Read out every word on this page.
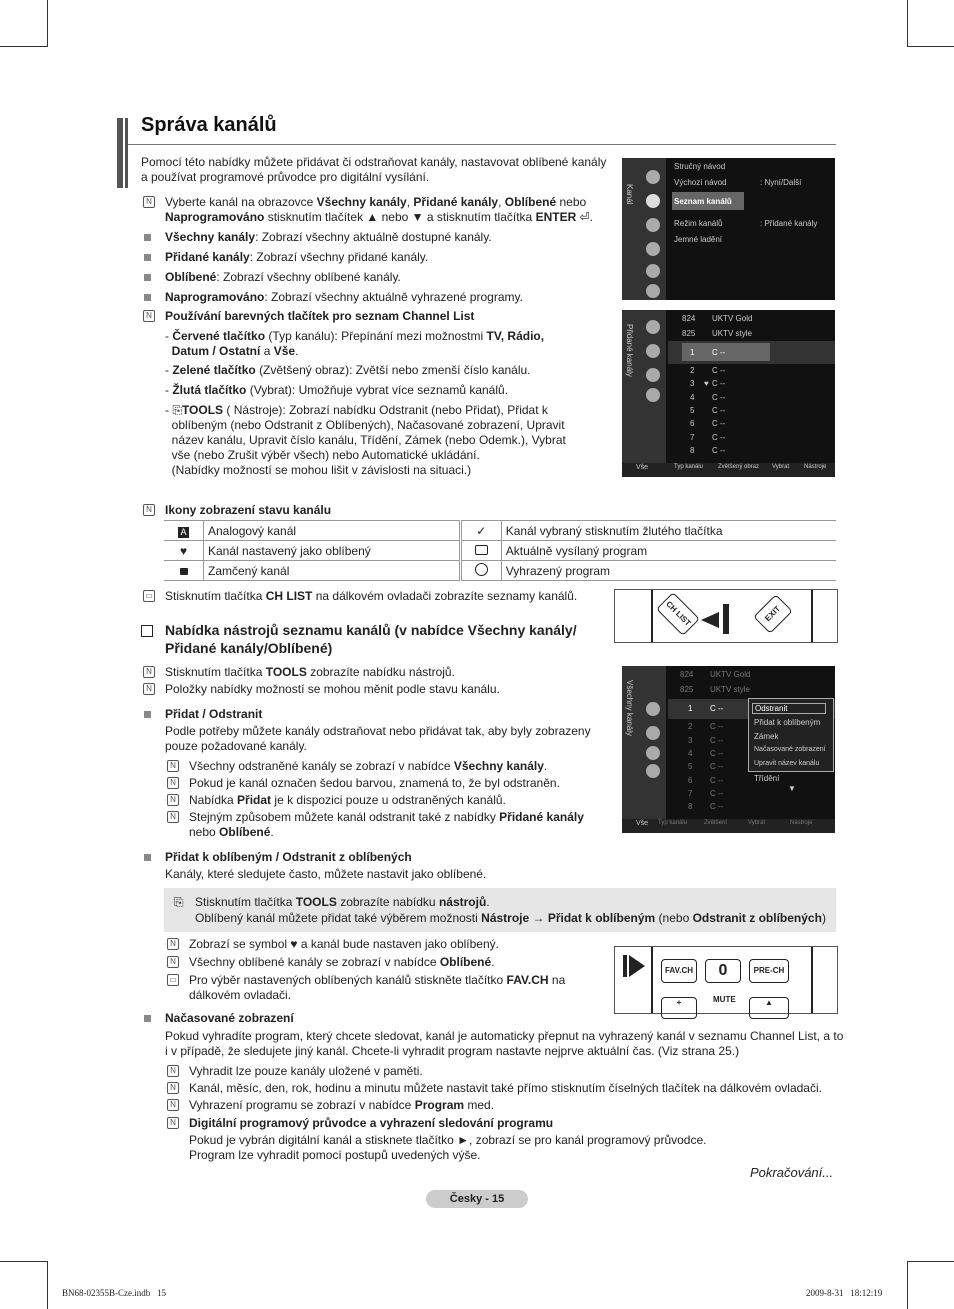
Správa kanálů
Pomocí této nabídky můžete přidávat či odstraňovat kanály, nastavovat oblíbené kanály a používat programové průvodce pro digitální vysílání.
N Vyberte kanál na obrazovce Všechny kanály, Přidané kanály, Oblíbené nebo Naprogramováno stisknutím tlačítek ▲ nebo ▼ a stisknutím tlačítka ENTER ⏎.
Všechny kanály: Zobrazí všechny aktuálně dostupné kanály.
Přidané kanály: Zobrazí všechny přidané kanály.
Oblíbené: Zobrazí všechny oblíbené kanály.
Naprogramováno: Zobrazí všechny aktuálně vyhrazené programy.
N Používání barevných tlačítek pro seznam Channel List
- Červené tlačítko (Typ kanálu): Přepínání mezi možnostmi TV, Rádio,
Datum / Ostatní a Vše.
- Zelené tlačítko (Zvětšený obraz): Zvětší nebo zmenší číslo kanálu.
- Žlutá tlačítko (Vybrat): Umožňuje vybrat více seznamů kanálů.
- ⎘TOOLS ( Nástroje): Zobrazí nabídku Odstranit (nebo Přidat), Přidat k
oblíbeným (nebo Odstranit z Oblíbených), Načasované zobrazení, Upravit
název kanálu, Upravit číslo kanálu, Třídění, Zámek (nebo Odemk.), Vybrat
vše (nebo Zrušit výběr všech) nebo Automatické ukládání.
(Nabídky možností se mohou lišit v závislosti na situaci.)
Kanál
Stručný návod
Výchozí návod	: Nyní/Další
Seznam kanálů
Režim kanálů	: Přidané kanály
Jemné ladění
Přidané kanály
824 UKTV Gold
825 UKTV style
1 C --
2 C --
3 ♥ C --
4 C --
5 C --
6 C --
7 C --
8 C --
Vše	Typ kanálu Zvětšený obraz Vybrat Nástroje
N Ikony zobrazení stavu kanálu
A	Analogový kanál	✓	Kanál vybraný stisknutím žlutého tlačítka
♥	Kanál nastavený jako oblíbený		Aktuálně vysílaný program
	Zamčený kanál		Vyhrazený program
▭ Stisknutím tlačítka CH LIST na dálkovém ovladači zobrazíte seznamy kanálů.
CH LIST	EXIT
Nabídka nástrojů seznamu kanálů (v nabídce Všechny kanály/
Přidané kanály/Oblíbené)
N Stisknutím tlačítka TOOLS zobrazíte nabídku nástrojů.
N Položky nabídky možností se mohou měnit podle stavu kanálu.
Přidat / Odstranit
Podle potřeby můžete kanály odstraňovat nebo přidávat tak, aby byly zobrazeny
pouze požadované kanály.
N Všechny odstraněné kanály se zobrazí v nabídce Všechny kanály.
N Pokud je kanál označen šedou barvou, znamená to, že byl odstraněn.
N Nabídka Přidat je k dispozici pouze u odstraněných kanálů.
N Stejným způsobem můžete kanál odstranit také z nabídky Přidané kanály
nebo Oblíbené.
Všechny kanály
824 UKTV Gold
825 UKTV style
1 C --
2 C --
3 C --
4 C --
5 C --
6 C --
7 C --
8 C --
Odstranit
Přidat k oblíbeným
Zámek
Načasované zobrazení
Upravit název kanálu
Třídění
▼
Vše Typ kanálu	Zvětšení	Vybrat	Nástroje
Přidat k oblíbeným / Odstranit z oblíbených
Kanály, které sledujete často, můžete nastavit jako oblíbené.
⎘ Stisknutím tlačítka TOOLS zobrazíte nabídku nástrojů.
Oblíbený kanál můžete přidat také výběrem možnosti Nástroje → Přidat k oblíbeným (nebo Odstranit z oblíbených)
N Zobrazí se symbol ♥ a kanál bude nastaven jako oblíbený.
N Všechny oblíbené kanály se zobrazí v nabídce Oblíbené.
▭ Pro výběr nastavených oblíbených kanálů stiskněte tlačítko FAV.CH na
dálkovém ovladači.
FAV.CH	0	PRE-CH
+	MUTE	▲
Načasované zobrazení
Pokud vyhradíte program, který chcete sledovat, kanál je automaticky přepnut na vyhrazený kanál v seznamu Channel List, a to
i v případě, že sledujete jiný kanál. Chcete-li vyhradit program nastavte nejprve aktuální čas. (Viz strana 25.)
N Vyhradit lze pouze kanály uložené v paměti.
N Kanál, měsíc, den, rok, hodinu a minutu můžete nastavit také přímo stisknutím číselných tlačítek na dálkovém ovladači.
N Vyhrazení programu se zobrazí v nabídce Program med.
N Digitální programový průvodce a vyhrazení sledování programu
Pokud je vybrán digitální kanál a stisknete tlačítko ►, zobrazí se pro kanál programový průvodce.
Program lze vyhradit pomocí postupů uvedených výše.
Pokračování...
Česky - 15
BN68-02355B-Cze.indb   15	2009-8-31   18:12:19
